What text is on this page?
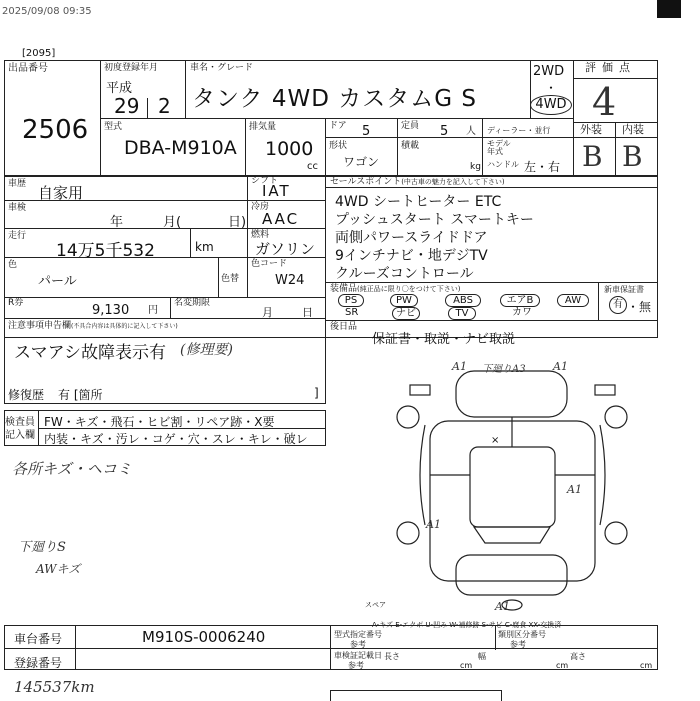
2025/09/08 09:35
[2095]
出品番号
2506
初度登録年月
平成
29 2
車名・グレード
タンク 4WD カスタムG S
2WD
・
4WD
評価点
4
外装 内装
B B
型式
DBA-M910A
排気量
1000
cc
ドア 5	定員 5 人 ディーラー・並行
形状
ワゴン
積載
kg
モデル年式
ハンドル 左・右
車歴 自家用
シフト
IAT
車検
年	月(	日)
冷房
AAC
走行
14万5千532	km
燃料
ガソリン
色
パール	色替
色コード
W24
R券	9,130 円
名変期限
月	日
セールスポイント(中古車の魅力を記入して下さい)
4WD シートヒーター ETC
プッシュスタート スマートキー
両側パワースライドドア
9インチナビ・地デジTV
クルーズコントロール
装備品(純正品に限り〇をつけて下さい)
PS	PW	ABS	エアB	AW
SR	ナビ	TV	カワ
新車保証書
有 ・無
後日品
保証書・取説・ナビ取説
注意事項申告欄(不具合内容は具体的に記入して下さい)
スマアシ故障表示有 (修理要)
修復歴 有 [箇所	]
検査員
記入欄
FW・キズ・飛石・ヒビ割・リペア跡・X要
内装・キズ・汚レ・コゲ・穴・スレ・キレ・破レ
各所キズ・ヘコミ
下廻りS
AWキズ
A1 下廻りA3 A1
A1
A1
A1
×
スペア
A-キズ E-エクボ U-凹み W-補修跡 S-サビ C-腐食 XX-交換済
車台番号	M910S-0006240
登録番号
型式指定番号	類別区分番号
参考	参考
車検証記載日
参考
長さ
cm
幅
cm
高さ
cm
145537km
